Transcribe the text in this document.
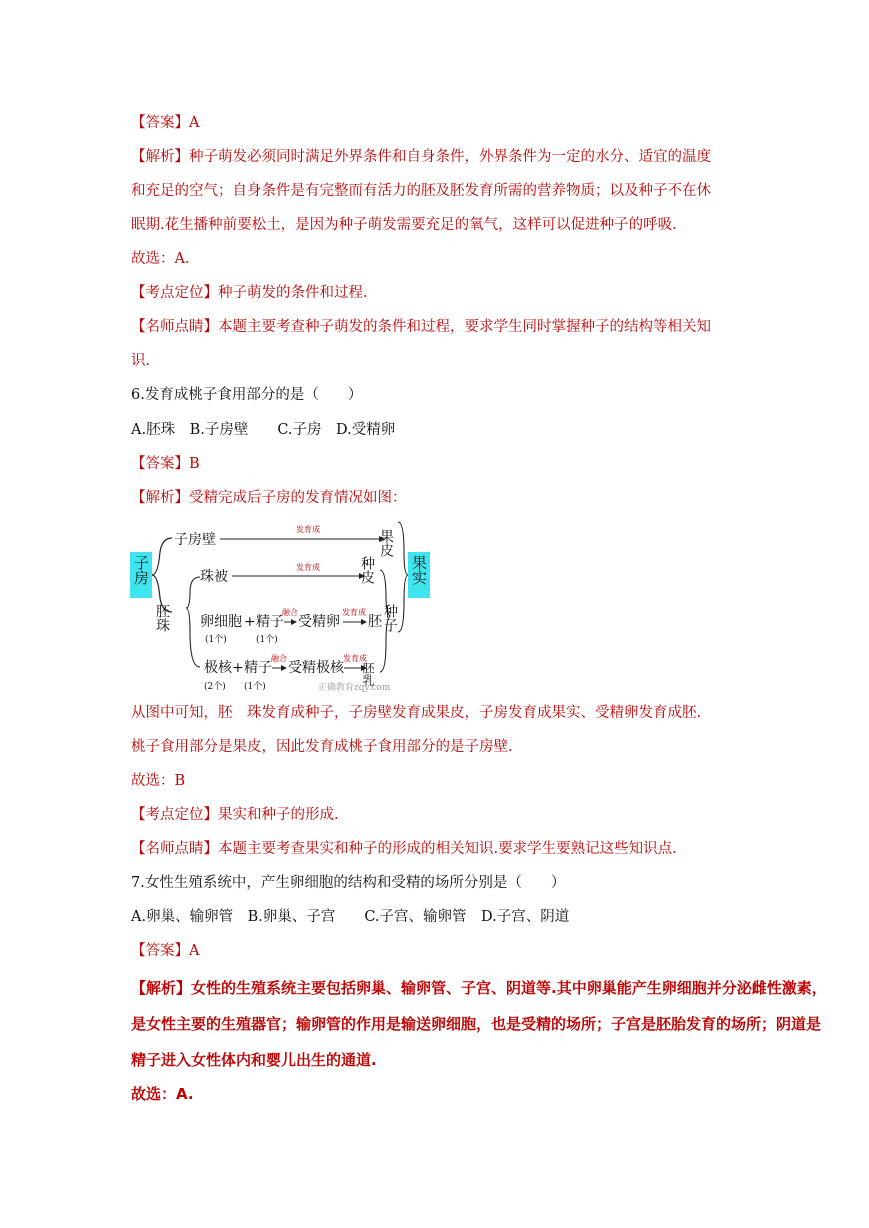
【答案】A
【解析】种子萌发必须同时满足外界条件和自身条件，外界条件为一定的水分、适宜的温度
和充足的空气；自身条件是有完整而有活力的胚及胚发育所需的营养物质；以及种子不在休
眠期.花生播种前要松土，是因为种子萌发需要充足的氧气，这样可以促进种子的呼吸.
故选：A.
【考点定位】种子萌发的条件和过程.
【名师点睛】本题主要考查种子萌发的条件和过程，要求学生同时掌握种子的结构等相关知
识.
6.发育成桃子食用部分的是（　　）
A.胚珠　B.子房壁　　C.子房　D.受精卵
【答案】B
【解析】受精完成后子房的发育情况如图：
子房	果实
子房壁
发育成	果皮
胚珠
珠被
发育成	种皮
卵细胞 + 精子
(1个)	(1个)
融合
受精卵
发育成
胚
极核 + 精子
(2个) (1个)
融合
受精极核
发育成
胚乳
种子
正确教育zqy.com
从图中可知，胚　珠发育成种子，子房壁发育成果皮，子房发育成果实、受精卵发育成胚.
桃子食用部分是果皮，因此发育成桃子食用部分的是子房壁.
故选：B
【考点定位】果实和种子的形成.
【名师点睛】本题主要考查果实和种子的形成的相关知识.要求学生要熟记这些知识点.
7.女性生殖系统中，产生卵细胞的结构和受精的场所分别是（　　）
A.卵巢、输卵管　B.卵巢、子宫　　C.子宫、输卵管　D.子宫、阴道
【答案】A
【解析】女性的生殖系统主要包括卵巢、输卵管、子宫、阴道等.其中卵巢能产生卵细胞并分泌雌性激素，
是女性主要的生殖器官；输卵管的作用是输送卵细胞，也是受精的场所；子宫是胚胎发育的场所；阴道是
精子进入女性体内和婴儿出生的通道.
故选：A.
